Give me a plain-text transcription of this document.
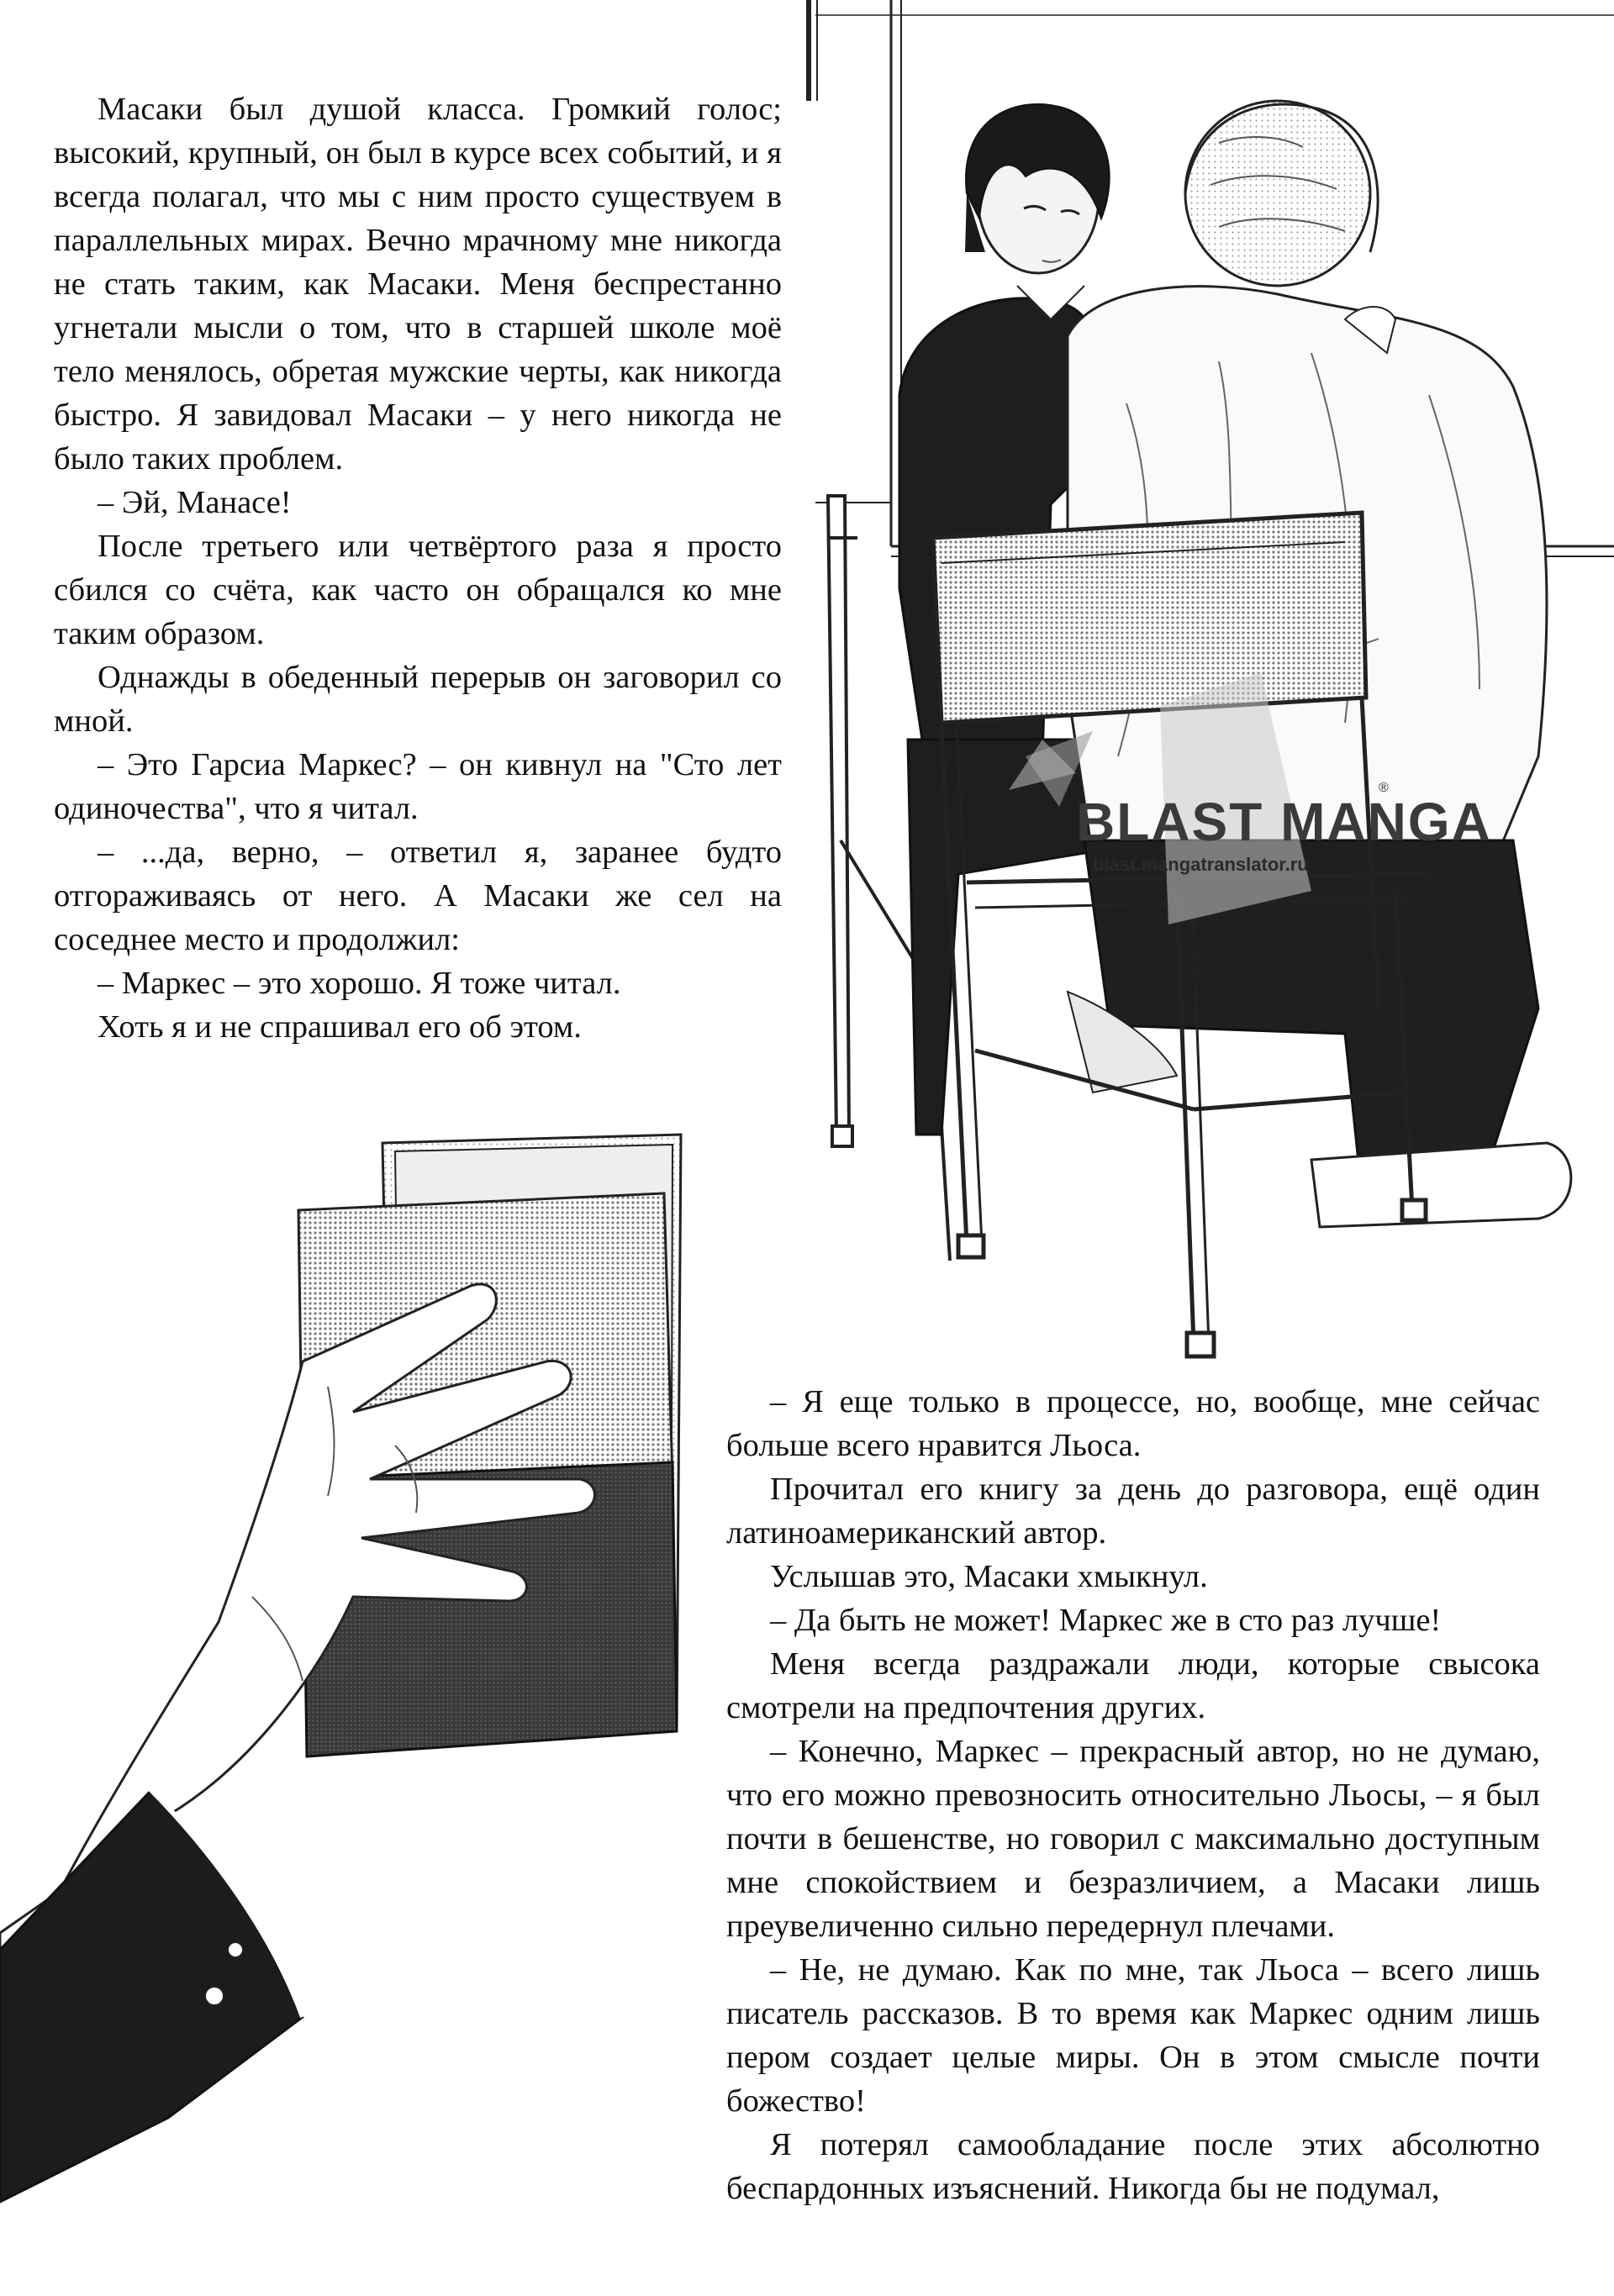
BLAST MANGA
®
blast.mangatranslator.ru

Масаки был душой класса. Громкий голос; высокий, крупный, он был в курсе всех событий, и я всегда полагал, что мы с ним просто существуем в параллельных мирах. Вечно мрачному мне никогда не стать таким, как Масаки. Меня беспрестанно угнетали мысли о том, что в старшей школе моё тело менялось, обретая мужские черты, как никогда быстро. Я завидовал Масаки – у него никогда не было таких проблем.

– Эй, Манасе!

После третьего или четвёртого раза я просто сбился со счёта, как часто он обращался ко мне таким образом.

Однажды в обеденный перерыв он заговорил со мной.

– Это Гарсиа Маркес? – он кивнул на "Сто лет одиночества", что я читал.

– ...да, верно, – ответил я, заранее будто отгораживаясь от него. А Масаки же сел на соседнее место и продолжил:

– Маркес – это хорошо. Я тоже читал.

Хоть я и не спрашивал его об этом.

– Я еще только в процессе, но, вообще, мне сейчас больше всего нравится Льоса.

Прочитал его книгу за день до разговора, ещё один латиноамериканский автор.

Услышав это, Масаки хмыкнул.

– Да быть не может! Маркес же в сто раз лучше!

Меня всегда раздражали люди, которые свысока смотрели на предпочтения других.

– Конечно, Маркес – прекрасный автор, но не думаю, что его можно превозносить относительно Льосы, – я был почти в бешенстве, но говорил с максимально доступным мне спокойствием и безразличием, а Масаки лишь преувеличенно сильно передернул плечами.

– Не, не думаю. Как по мне, так Льоса – всего лишь писатель рассказов. В то время как Маркес одним лишь пером создает целые миры. Он в этом смысле почти божество!

Я потерял самообладание после этих абсолютно беспардонных изъяснений. Никогда бы не подумал,
